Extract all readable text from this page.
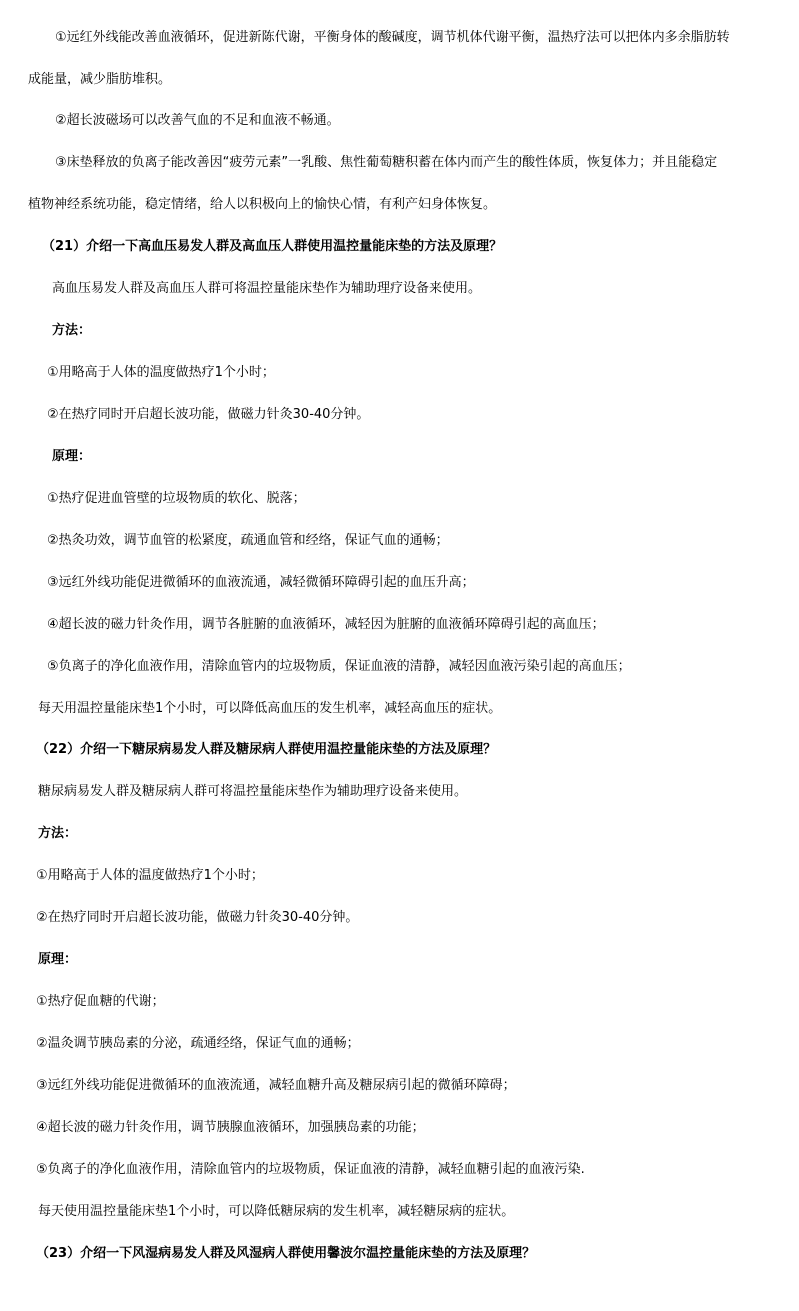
①远红外线能改善血液循环，促进新陈代谢，平衡身体的酸碱度，调节机体代谢平衡，温热疗法可以把体内多余脂肪转
成能量，减少脂肪堆积。
②超长波磁场可以改善气血的不足和血液不畅通。
③床垫释放的负离子能改善因“疲劳元素”一乳酸、焦性葡萄糖积蓄在体内而产生的酸性体质，恢复体力；并且能稳定
植物神经系统功能，稳定情绪，给人以积极向上的愉快心情，有利产妇身体恢复。
（21）介绍一下高血压易发人群及高血压人群使用温控量能床垫的方法及原理？
高血压易发人群及高血压人群可将温控量能床垫作为辅助理疗设备来使用。
方法：
①用略高于人体的温度做热疗1个小时；
②在热疗同时开启超长波功能，做磁力针灸30-40分钟。
原理：
①热疗促进血管壁的垃圾物质的软化、脱落；
②热灸功效，调节血管的松紧度，疏通血管和经络，保证气血的通畅；
③远红外线功能促进微循环的血液流通，减轻微循环障碍引起的血压升高；
④超长波的磁力针灸作用，调节各脏腑的血液循环，减轻因为脏腑的血液循环障碍引起的高血压；
⑤负离子的净化血液作用，清除血管内的垃圾物质，保证血液的清静，减轻因血液污染引起的高血压；
每天用温控量能床垫1个小时，可以降低高血压的发生机率，减轻高血压的症状。
（22）介绍一下糖尿病易发人群及糖尿病人群使用温控量能床垫的方法及原理？
糖尿病易发人群及糖尿病人群可将温控量能床垫作为辅助理疗设备来使用。
方法：
①用略高于人体的温度做热疗1个小时；
②在热疗同时开启超长波功能，做磁力针灸30-40分钟。
原理：
①热疗促血糖的代谢；
②温灸调节胰岛素的分泌，疏通经络，保证气血的通畅；
③远红外线功能促进微循环的血液流通，减轻血糖升高及糖尿病引起的微循环障碍；
④超长波的磁力针灸作用，调节胰腺血液循环，加强胰岛素的功能；
⑤负离子的净化血液作用，清除血管内的垃圾物质，保证血液的清静，减轻血糖引起的血液污染.
每天使用温控量能床垫1个小时，可以降低糖尿病的发生机率，减轻糖尿病的症状。
（23）介绍一下风湿病易发人群及风湿病人群使用馨波尔温控量能床垫的方法及原理？
